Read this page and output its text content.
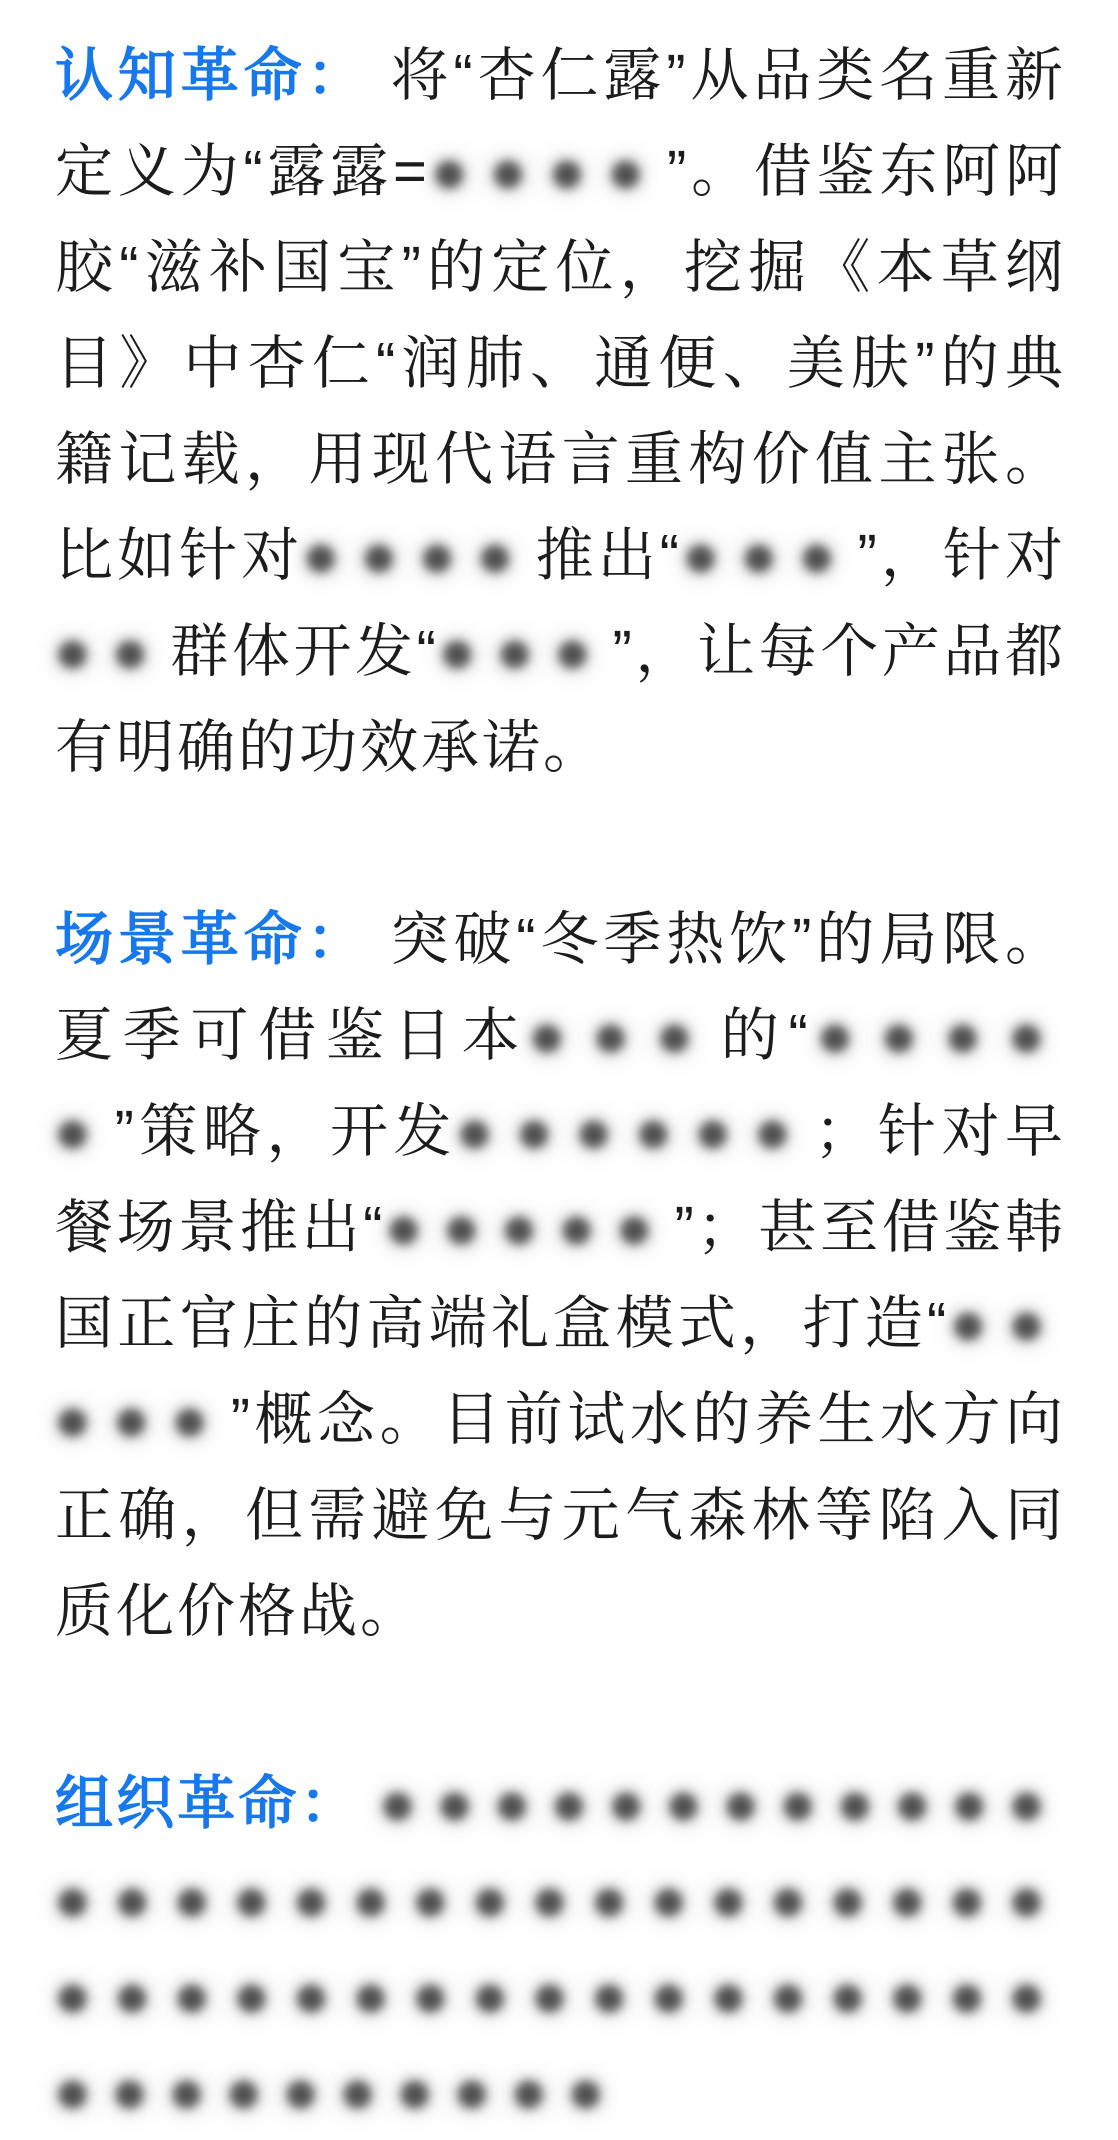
认知革命： 将“杏仁露”从品类名重新定义为“露露=●●●●”。借鉴东阿阿胶“滋补国宝”的定位，挖掘《本草纲目》中杏仁“润肺、通便、美肤”的典籍记载，用现代语言重构价值主张。比如针对●●●●推出“●●●”，针对●●群体开发“●●●”，让每个产品都有明确的功效承诺。

场景革命： 突破“冬季热饮”的局限。夏季可借鉴日本●●●的“●●●●●”策略，开发●●●●●●；针对早餐场景推出“●●●●●”；甚至借鉴韩国正官庄的高端礼盒模式，打造“●●●●●”概念。目前试水的养生水方向正确，但需避免与元气森林等陷入同质化价格战。

组织革命： ●●●●●●●●●●●●●●●●●●●●●●●●●●●●●●●●●●●●●●●●●●●●●●●●●●●●●●●●
